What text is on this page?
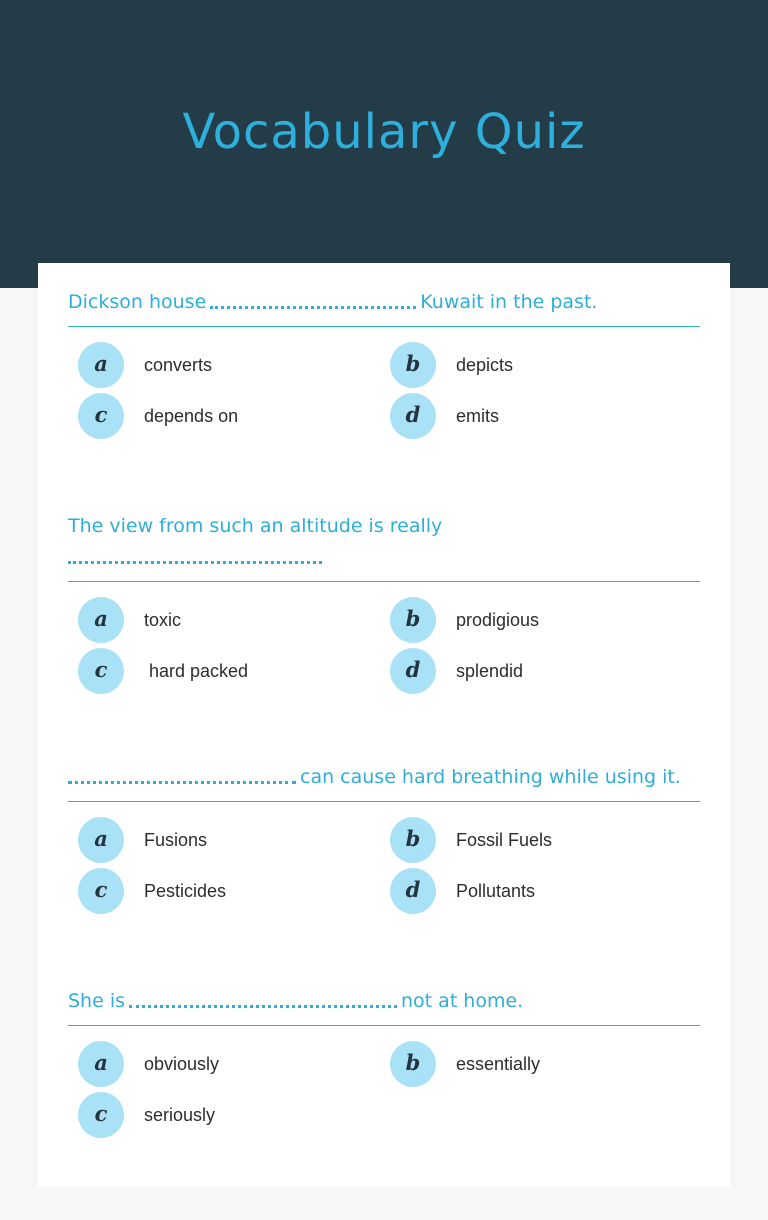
Vocabulary Quiz
Dickson house	Kuwait in the past.
a	converts	b	depicts
c	depends on	d	emits
The view from such an altitude is really

a	toxic	b	prodigious
c	hard packed	d	splendid
can cause hard breathing while using it.
a	Fusions	b	Fossil Fuels
c	Pesticides	d	Pollutants
She is	not at home.
a	obviously	b	essentially
c	seriously
